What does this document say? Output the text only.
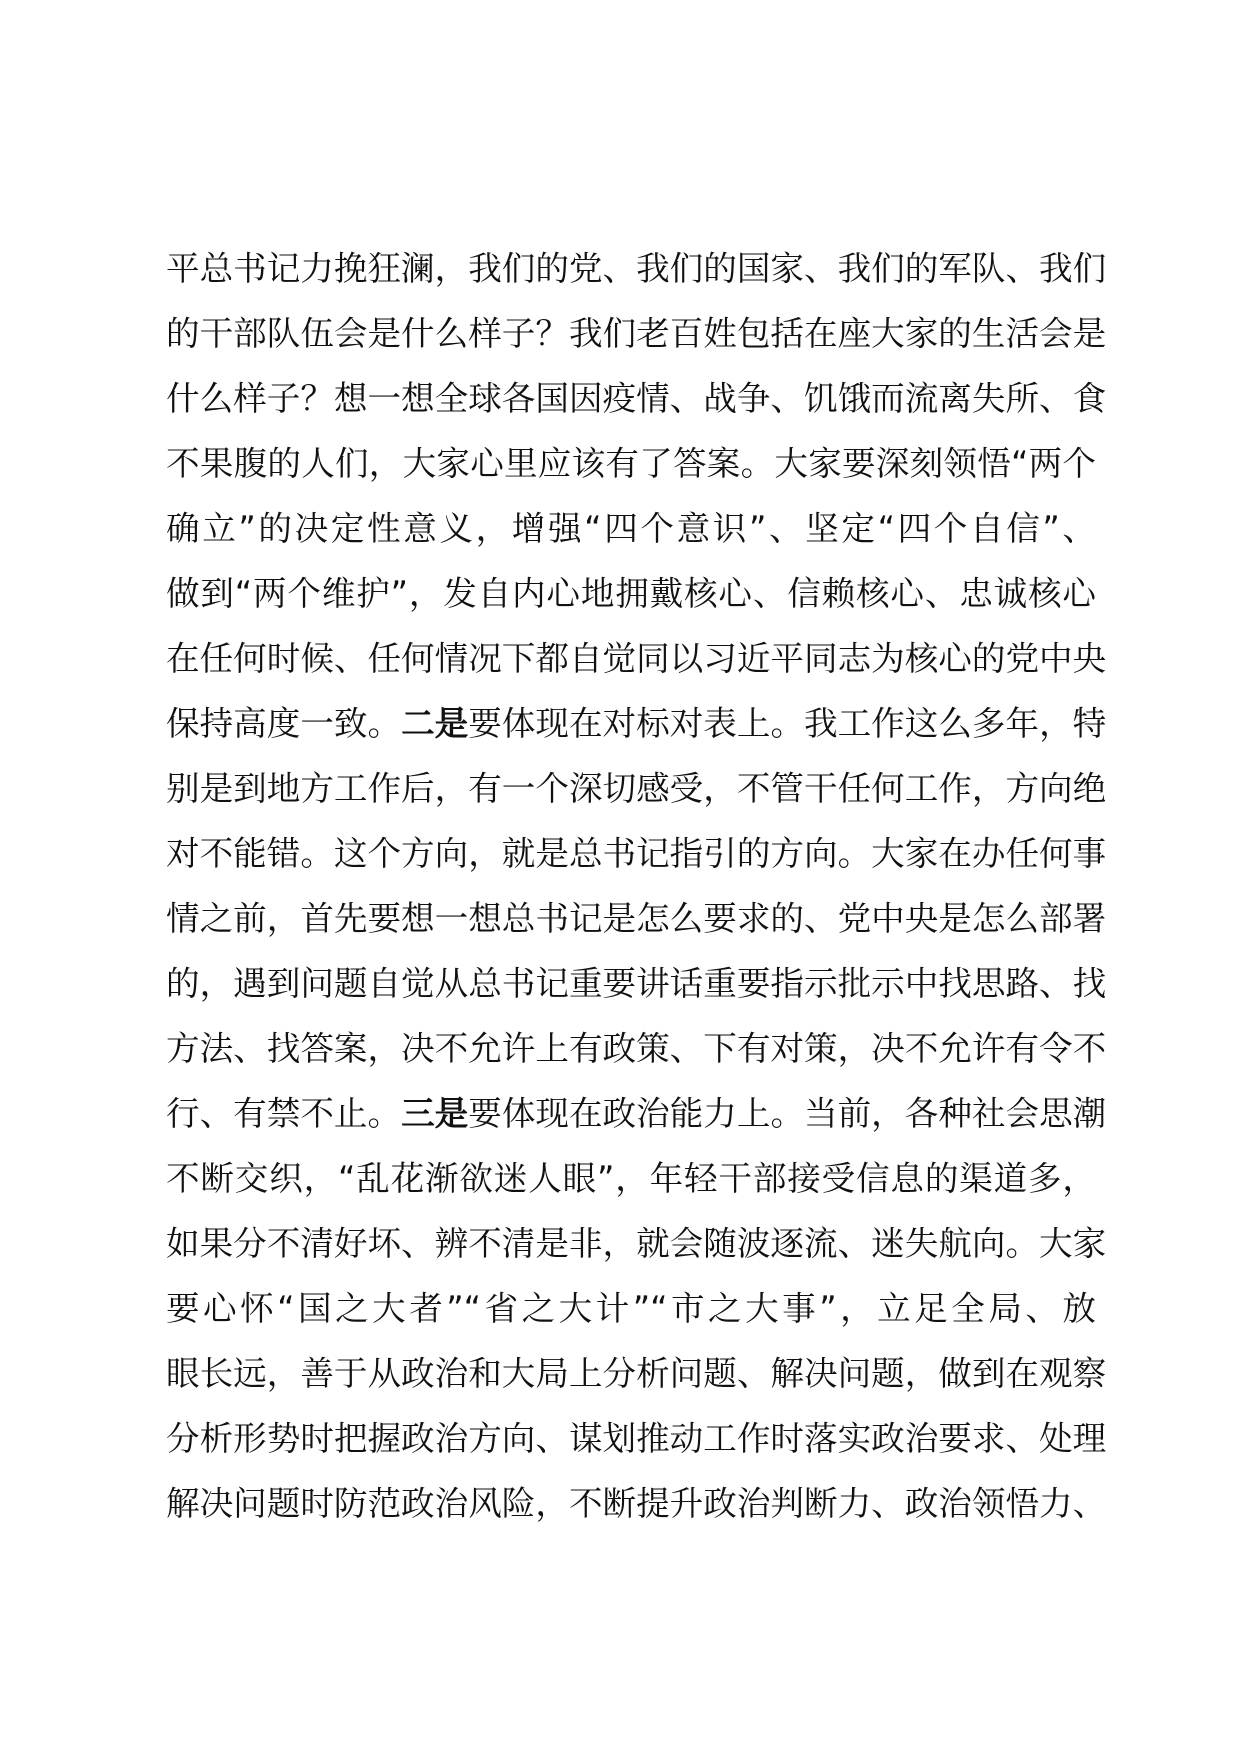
平总书记力挽狂澜，我们的党、我们的国家、我们的军队、我们
的干部队伍会是什么样子？我们老百姓包括在座大家的生活会是
什么样子？想一想全球各国因疫情、战争、饥饿而流离失所、食
不果腹的人们，大家心里应该有了答案。大家要深刻领悟“两个
确立”的决定性意义，增强“四个意识”、坚定“四个自信”、
做到“两个维护”，发自内心地拥戴核心、信赖核心、忠诚核心
在任何时候、任何情况下都自觉同以习近平同志为核心的党中央
保持高度一致。二是要体现在对标对表上。我工作这么多年，特
别是到地方工作后，有一个深切感受，不管干任何工作，方向绝
对不能错。这个方向，就是总书记指引的方向。大家在办任何事
情之前，首先要想一想总书记是怎么要求的、党中央是怎么部署
的，遇到问题自觉从总书记重要讲话重要指示批示中找思路、找
方法、找答案，决不允许上有政策、下有对策，决不允许有令不
行、有禁不止。三是要体现在政治能力上。当前，各种社会思潮
不断交织，“乱花渐欲迷人眼”，年轻干部接受信息的渠道多，
如果分不清好坏、辨不清是非，就会随波逐流、迷失航向。大家
要心怀“国之大者”“省之大计”“市之大事”，立足全局、放
眼长远，善于从政治和大局上分析问题、解决问题，做到在观察
分析形势时把握政治方向、谋划推动工作时落实政治要求、处理
解决问题时防范政治风险，不断提升政治判断力、政治领悟力、
